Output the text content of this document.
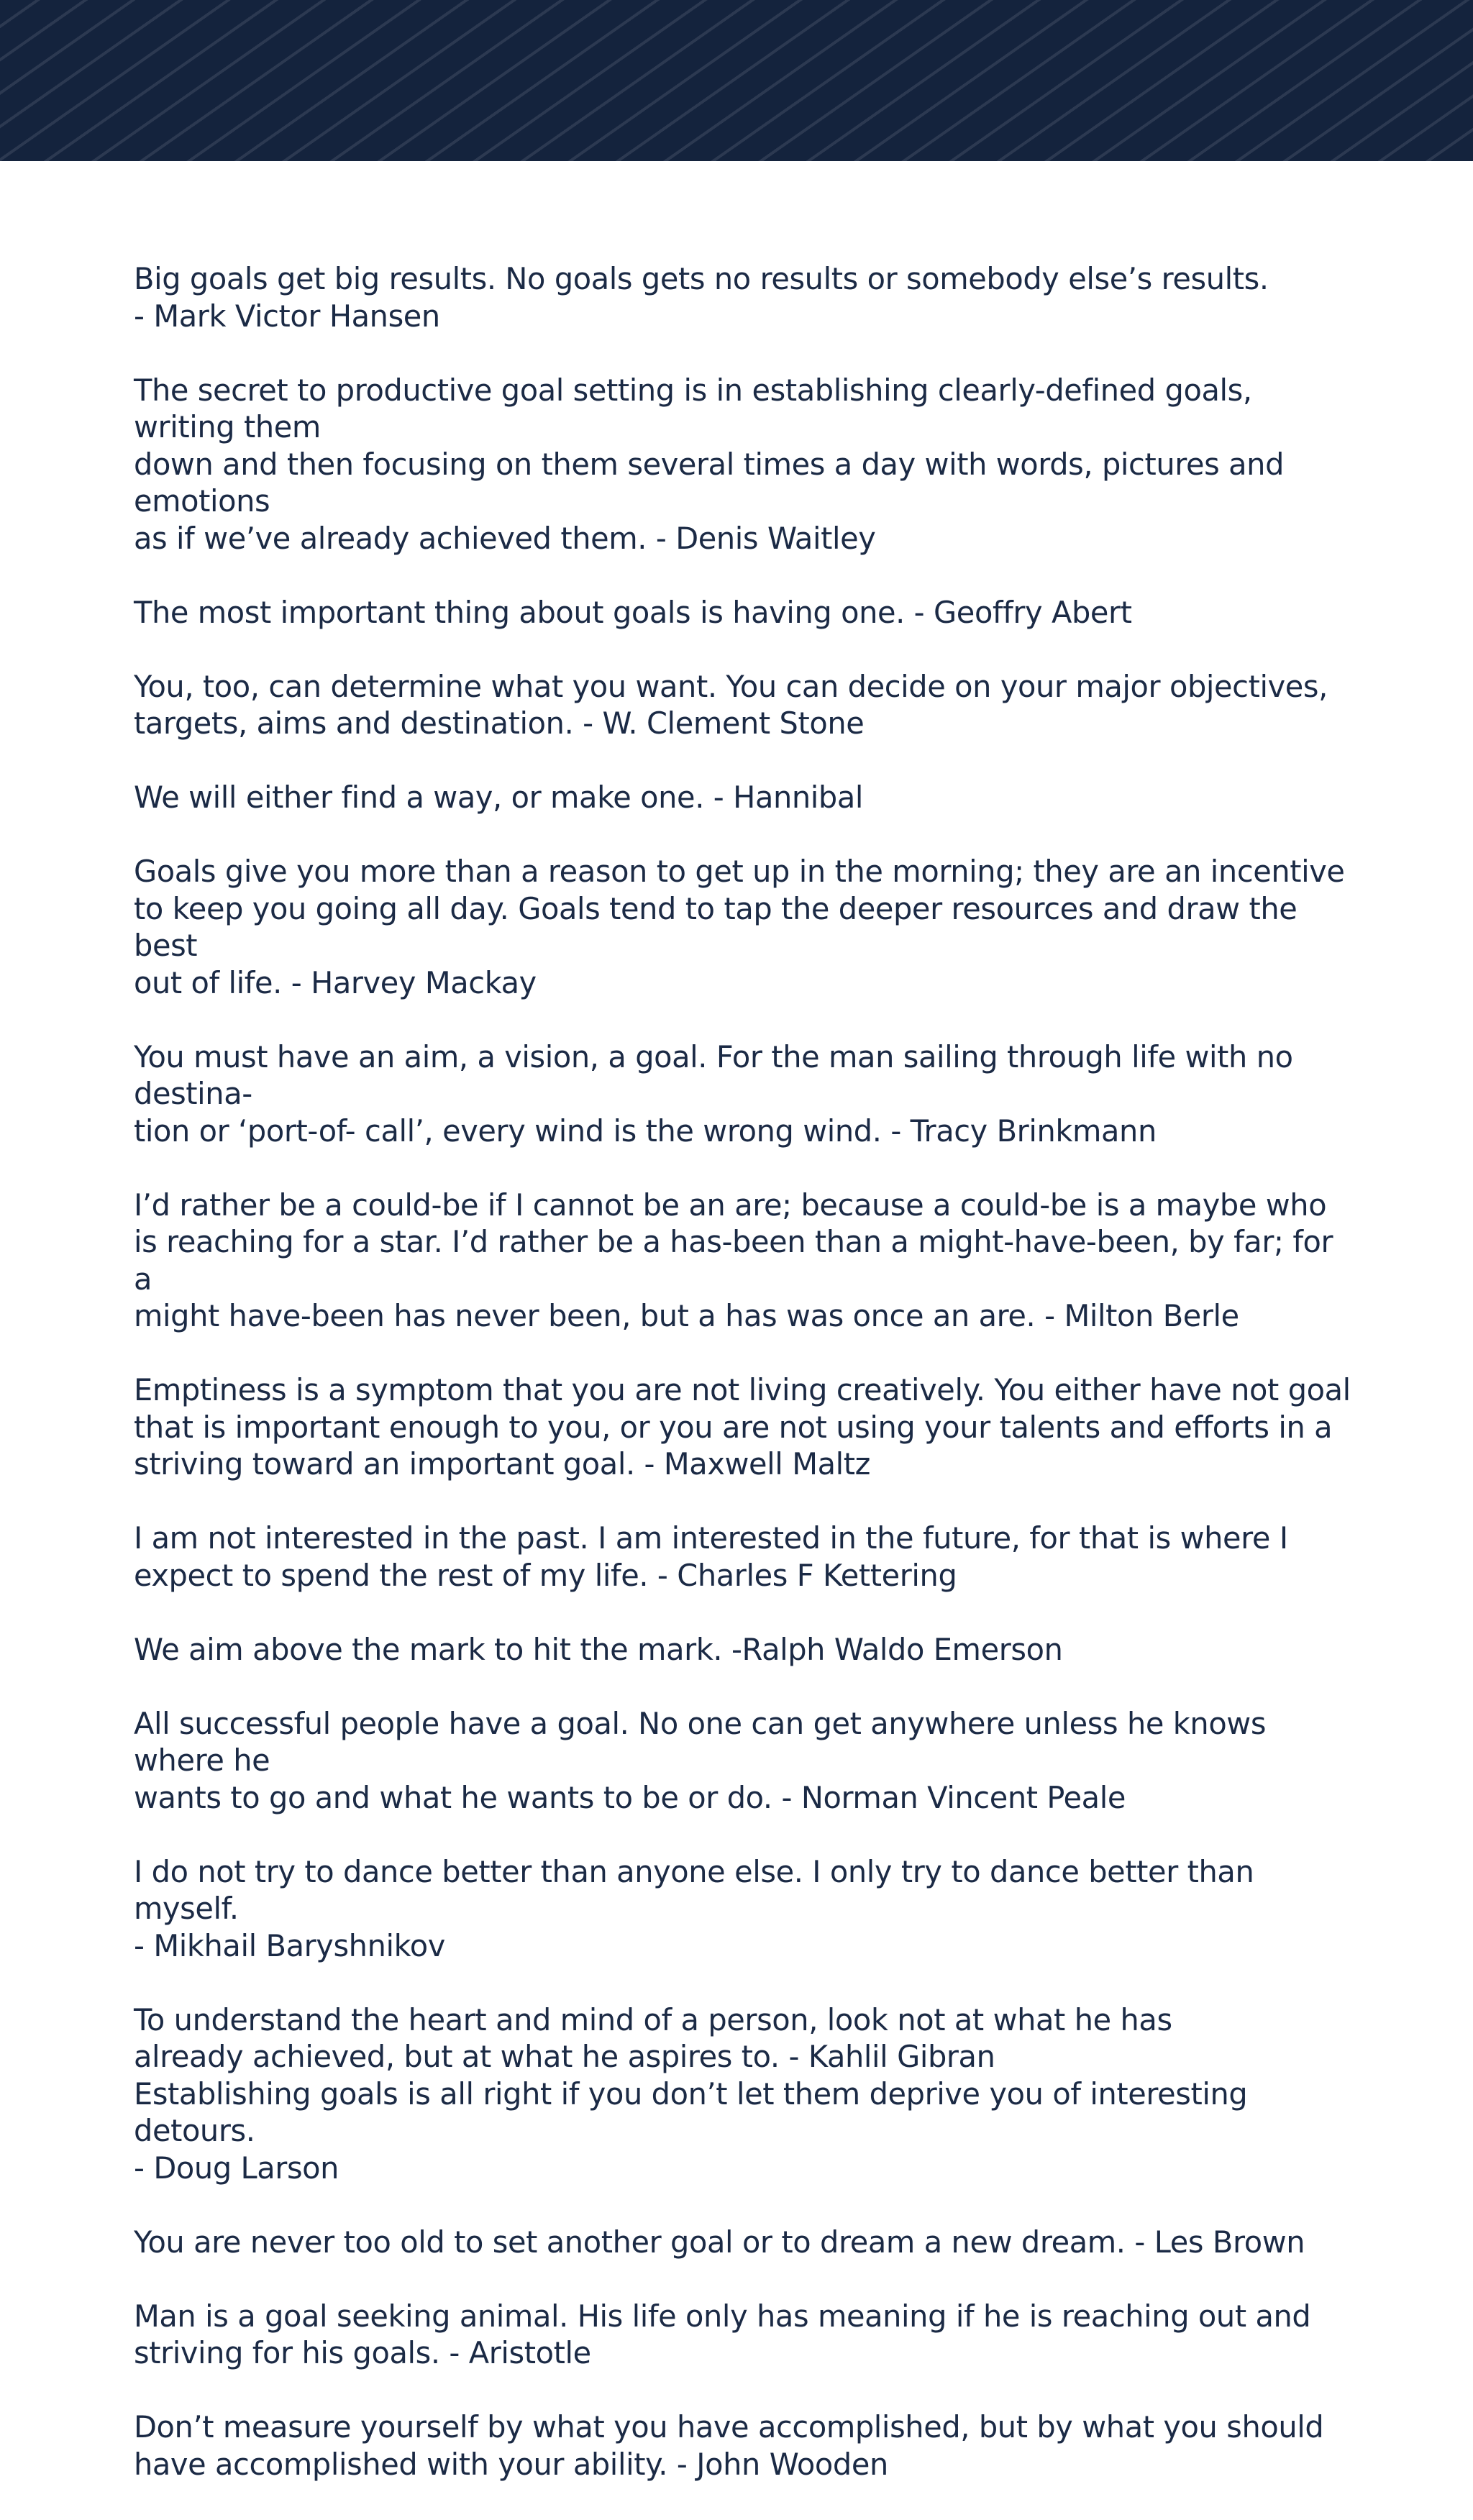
Big goals get big results. No goals gets no results or somebody else’s results.
- Mark Victor Hansen

The secret to productive goal setting is in establishing clearly-defined goals, writing them
down and then focusing on them several times a day with words, pictures and emotions
as if we’ve already achieved them. - Denis Waitley

The most important thing about goals is having one. - Geoffry Abert

You, too, can determine what you want. You can decide on your major objectives,
targets, aims and destination. - W. Clement Stone

We will either find a way, or make one. - Hannibal

Goals give you more than a reason to get up in the morning; they are an incentive
to keep you going all day. Goals tend to tap the deeper resources and draw the best
out of life. - Harvey Mackay

You must have an aim, a vision, a goal. For the man sailing through life with no destina-
tion or ‘port-of- call’, every wind is the wrong wind. - Tracy Brinkmann

I’d rather be a could-be if I cannot be an are; because a could-be is a maybe who
is reaching for a star. I’d rather be a has-been than a might-have-been, by far; for a
might have-been has never been, but a has was once an are. - Milton Berle

Emptiness is a symptom that you are not living creatively. You either have not goal
that is important enough to you, or you are not using your talents and efforts in a
striving toward an important goal. - Maxwell Maltz

I am not interested in the past. I am interested in the future, for that is where I
expect to spend the rest of my life. - Charles F Kettering

We aim above the mark to hit the mark. -Ralph Waldo Emerson

All successful people have a goal. No one can get anywhere unless he knows where he
wants to go and what he wants to be or do. - Norman Vincent Peale

I do not try to dance better than anyone else. I only try to dance better than myself.
- Mikhail Baryshnikov

To understand the heart and mind of a person, look not at what he has
already achieved, but at what he aspires to. - Kahlil Gibran

Establishing goals is all right if you don’t let them deprive you of interesting detours.
- Doug Larson

You are never too old to set another goal or to dream a new dream. - Les Brown

Man is a goal seeking animal. His life only has meaning if he is reaching out and
striving for his goals. - Aristotle

Don’t measure yourself by what you have accomplished, but by what you should
have accomplished with your ability. - John Wooden
